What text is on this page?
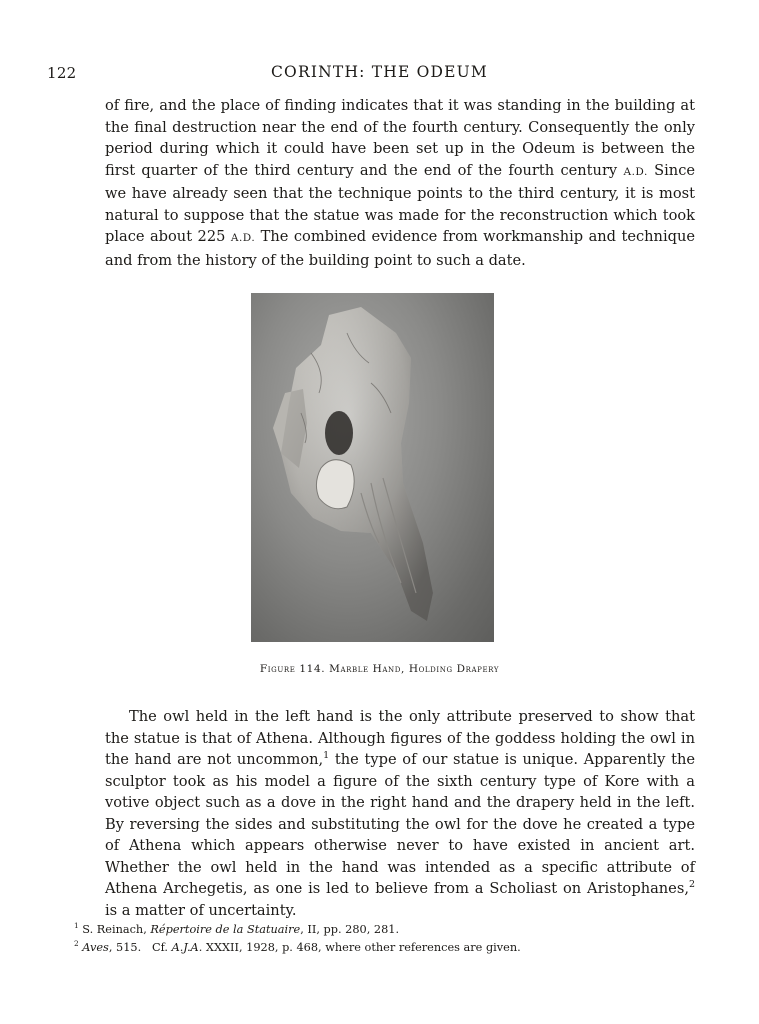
122	CORINTH: THE ODEUM

of fire, and the place of finding indicates that it was standing in the building at the final destruction near the end of the fourth century. Consequently the only period during which it could have been set up in the Odeum is between the first quarter of the third century and the end of the fourth century A.D. Since we have already seen that the technique points to the third century, it is most natural to suppose that the statue was made for the reconstruction which took place about 225 A.D. The combined evidence from workmanship and technique and from the history of the building point to such a date.

Figure 114. Marble Hand, Holding Drapery

The owl held in the left hand is the only attribute preserved to show that the statue is that of Athena. Although figures of the goddess holding the owl in the hand are not uncommon,$^1$ the type of our statue is unique. Apparently the sculptor took as his model a figure of the sixth century type of Kore with a votive object such as a dove in the right hand and the drapery held in the left. By reversing the sides and substituting the owl for the dove he created a type of Athena which appears otherwise never to have existed in ancient art. Whether the owl held in the hand was intended as a specific attribute of Athena Archegetis, as one is led to believe from a Scholiast on Aristophanes,$^2$ is a matter of uncertainty.

$^1$ S. Reinach, Répertoire de la Statuaire, II, pp. 280, 281.
$^2$ Aves, 515.   Cf. A.J.A. XXXII, 1928, p. 468, where other references are given.
